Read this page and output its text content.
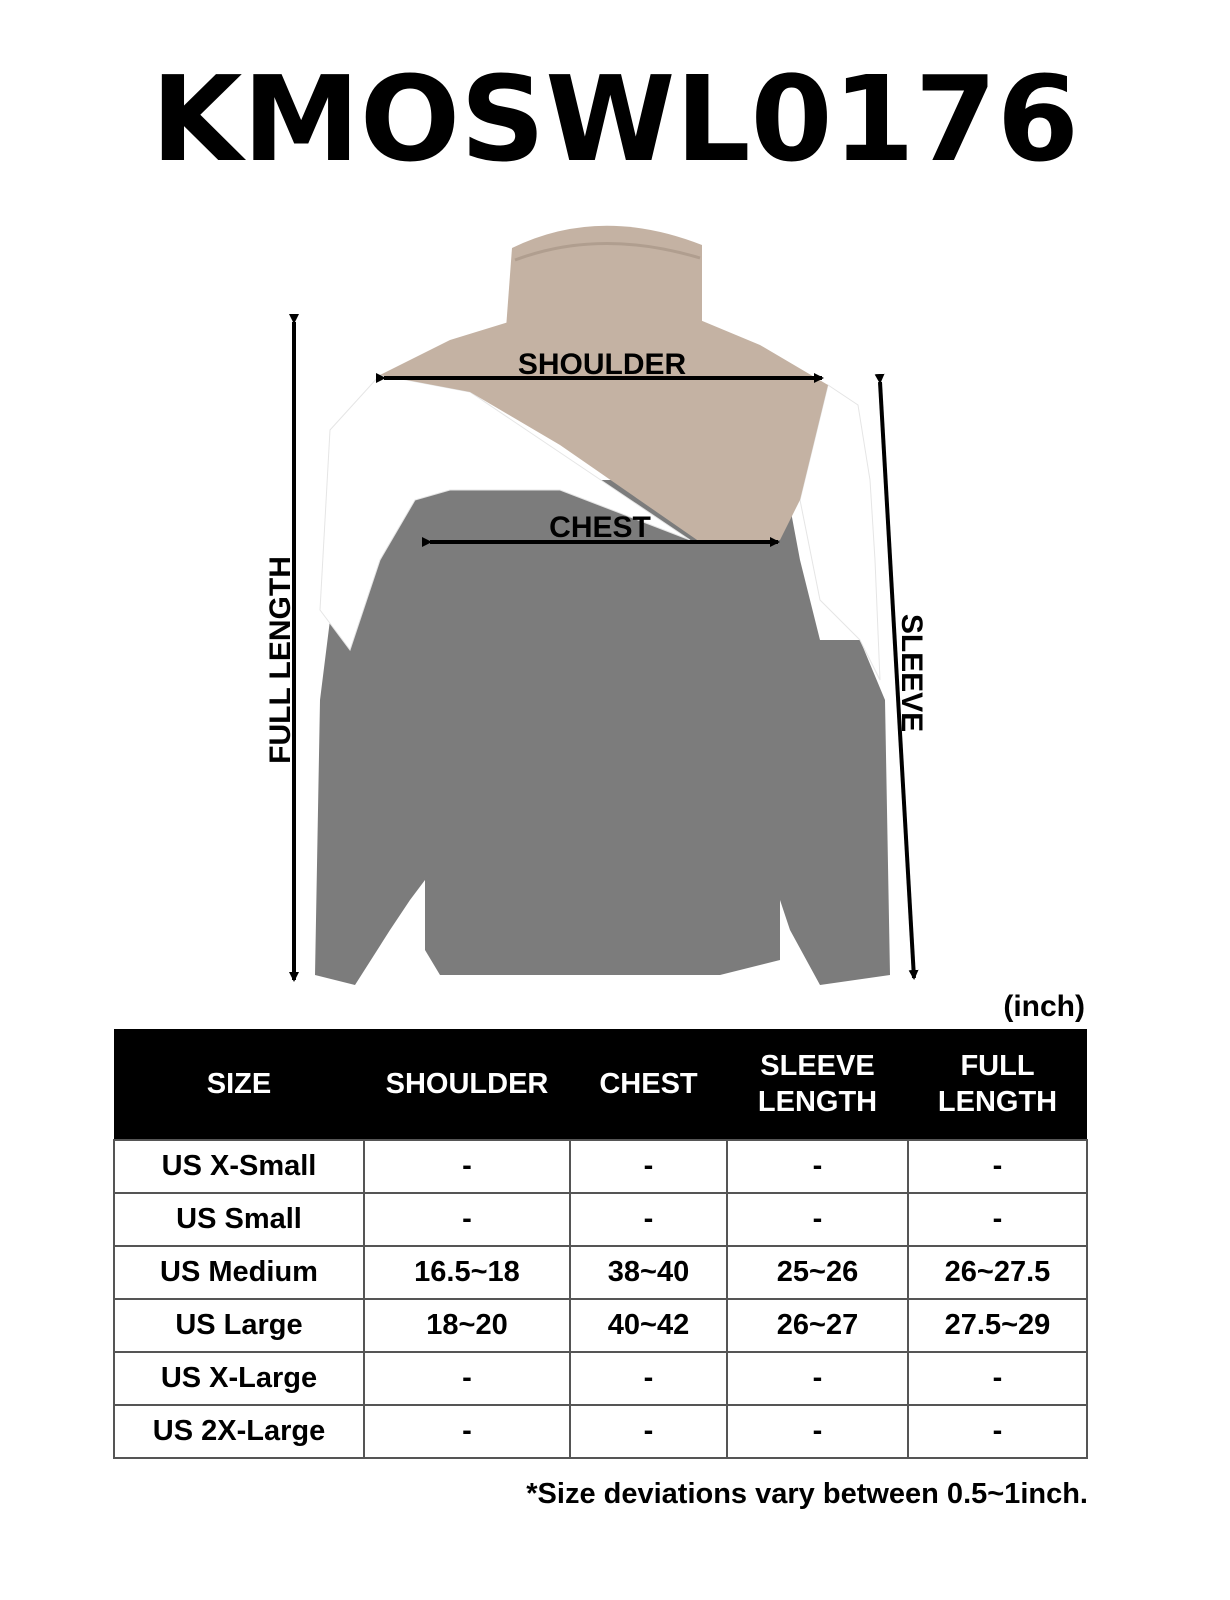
KMOSWL0176
SHOULDER
CHEST
FULL LENGTH	SLEEVE
(inch)
SIZE	SHOULDER	CHEST	SLEEVE LENGTH	FULL LENGTH
US X-Small	-	-	-	-
US Small	-	-	-	-
US Medium	16.5~18	38~40	25~26	26~27.5
US Large	18~20	40~42	26~27	27.5~29
US X-Large	-	-	-	-
US 2X-Large	-	-	-	-
*Size deviations vary between 0.5~1inch.
